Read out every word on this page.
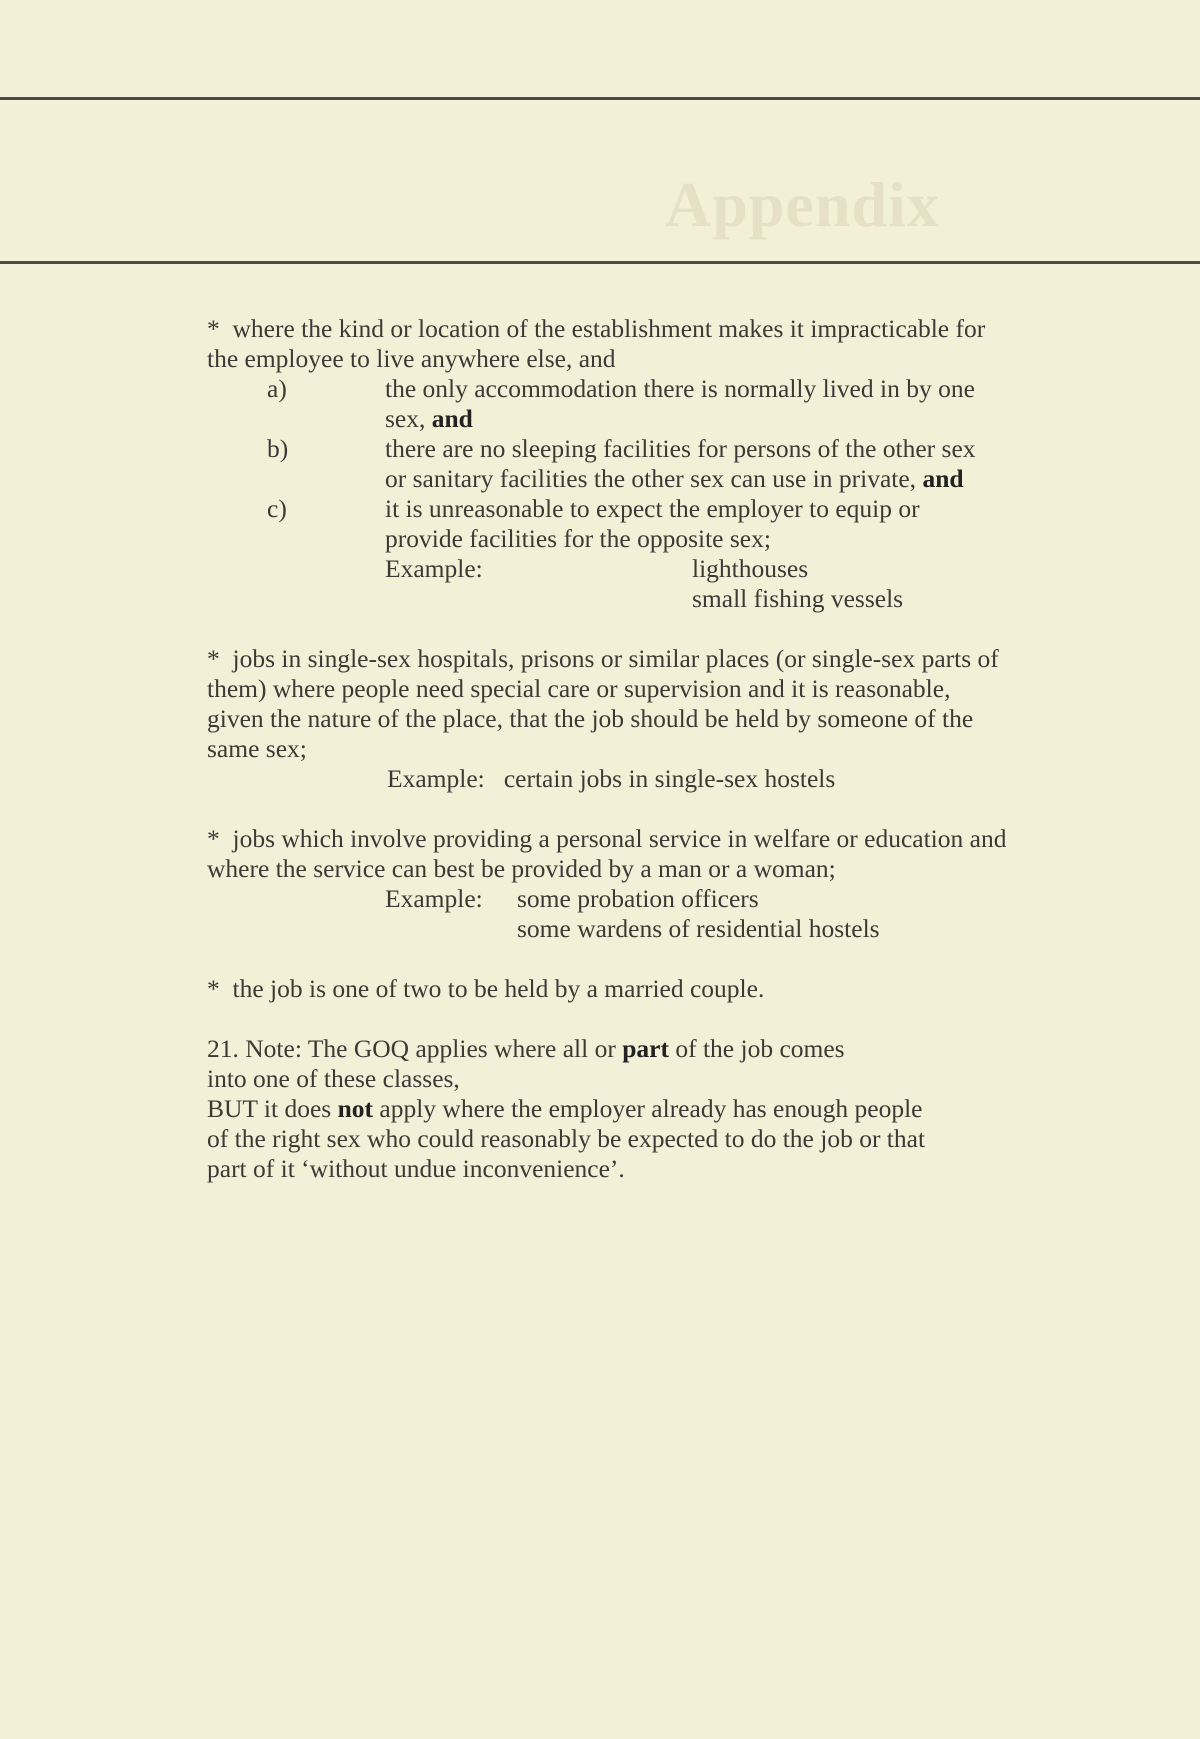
Appendix

* where the kind or location of the establishment makes it impracticable for the employee to live anywhere else, and

a)	the only accommodation there is normally lived in by one sex, and
b)	there are no sleeping facilities for persons of the other sex or sanitary facilities the other sex can use in private, and
c)	it is unreasonable to expect the employer to equip or provide facilities for the opposite sex;
Example:	lighthouses
small fishing vessels

* jobs in single-sex hospitals, prisons or similar places (or single-sex parts of them) where people need special care or supervision and it is reasonable, given the nature of the place, that the job should be held by someone of the same sex;

Example:   certain jobs in single-sex hostels

* jobs which involve providing a personal service in welfare or education and where the service can best be provided by a man or a woman;

Example:	some probation officers
some wardens of residential hostels

* the job is one of two to be held by a married couple.

21. Note: The GOQ applies where all or part of the job comes into one of these classes,

BUT it does not apply where the employer already has enough people of the right sex who could reasonably be expected to do the job or that part of it ‘without undue inconvenience’.
